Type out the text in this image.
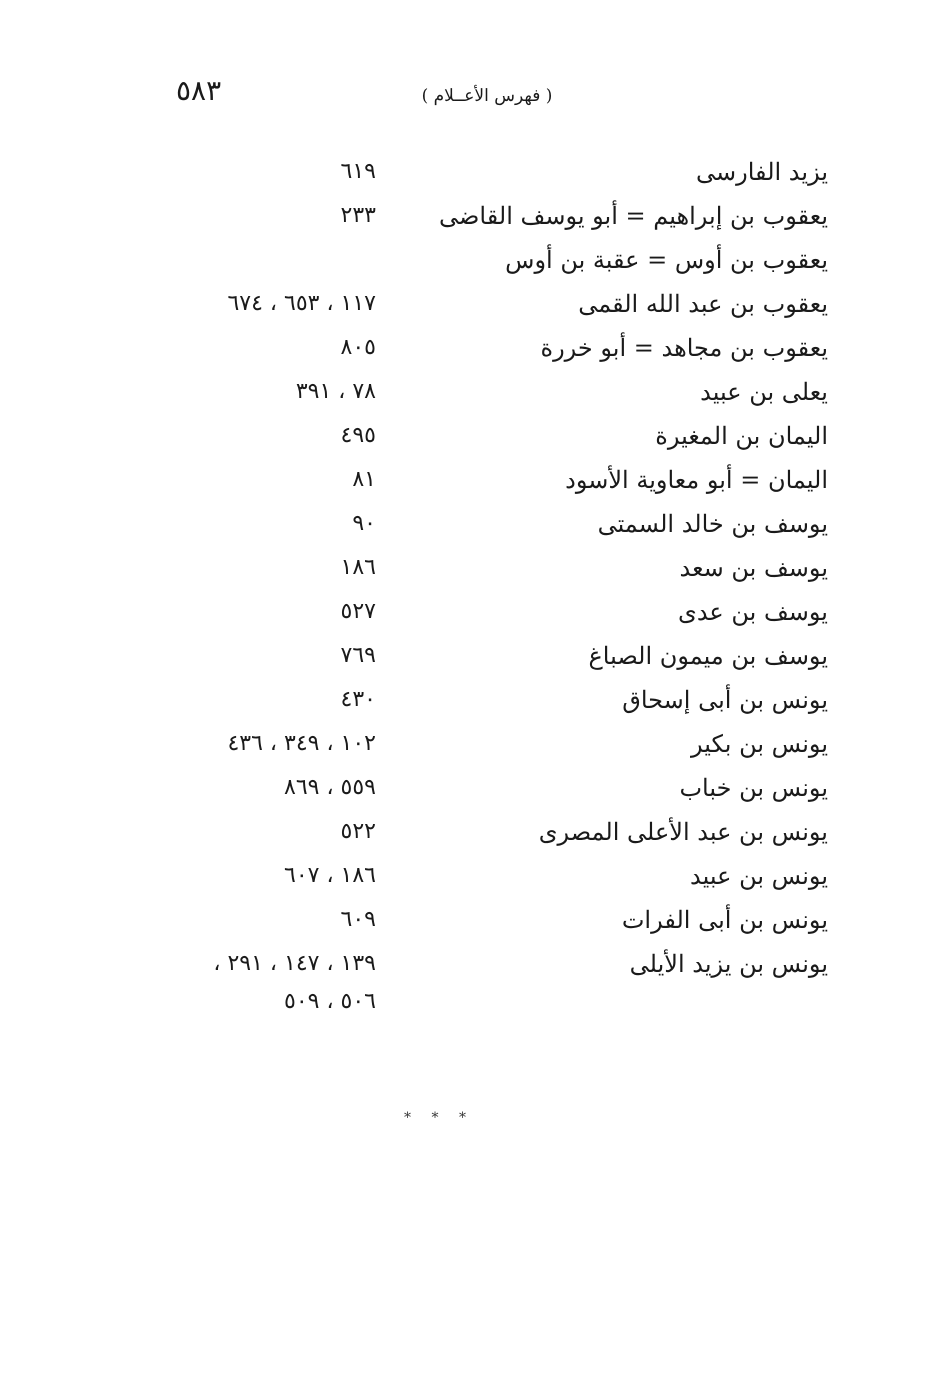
٥٨٣	( فهرس الأعــلام )
يزيد الفارسى
٦١٩
يعقوب بن إبراهيم = أبو يوسف القاضى
٢٣٣
يعقوب بن أوس = عقبة بن أوس
يعقوب بن عبد الله القمى
١١٧ ، ٦٥٣ ، ٦٧٤
يعقوب بن مجاهد = أبو خررة
٨٠٥
يعلى بن عبيد
٧٨ ، ٣٩١
اليمان بن المغيرة
٤٩٥
اليمان = أبو معاوية الأسود
٨١
يوسف بن خالد السمتى
٩٠
يوسف بن سعد
١٨٦
يوسف بن عدى
٥٢٧
يوسف بن ميمون الصباغ
٧٦٩
يونس بن أبى إسحاق
٤٣٠
يونس بن بكير
١٠٢ ، ٣٤٩ ، ٤٣٦
يونس بن خباب
٥٥٩ ، ٨٦٩
يونس بن عبد الأعلى المصرى
٥٢٢
يونس بن عبيد
١٨٦ ، ٦٠٧
يونس بن أبى الفرات
٦٠٩
يونس بن يزيد الأيلى
١٣٩ ، ١٤٧ ، ٢٩١ ،
٥٠٦ ، ٥٠٩
* * *
